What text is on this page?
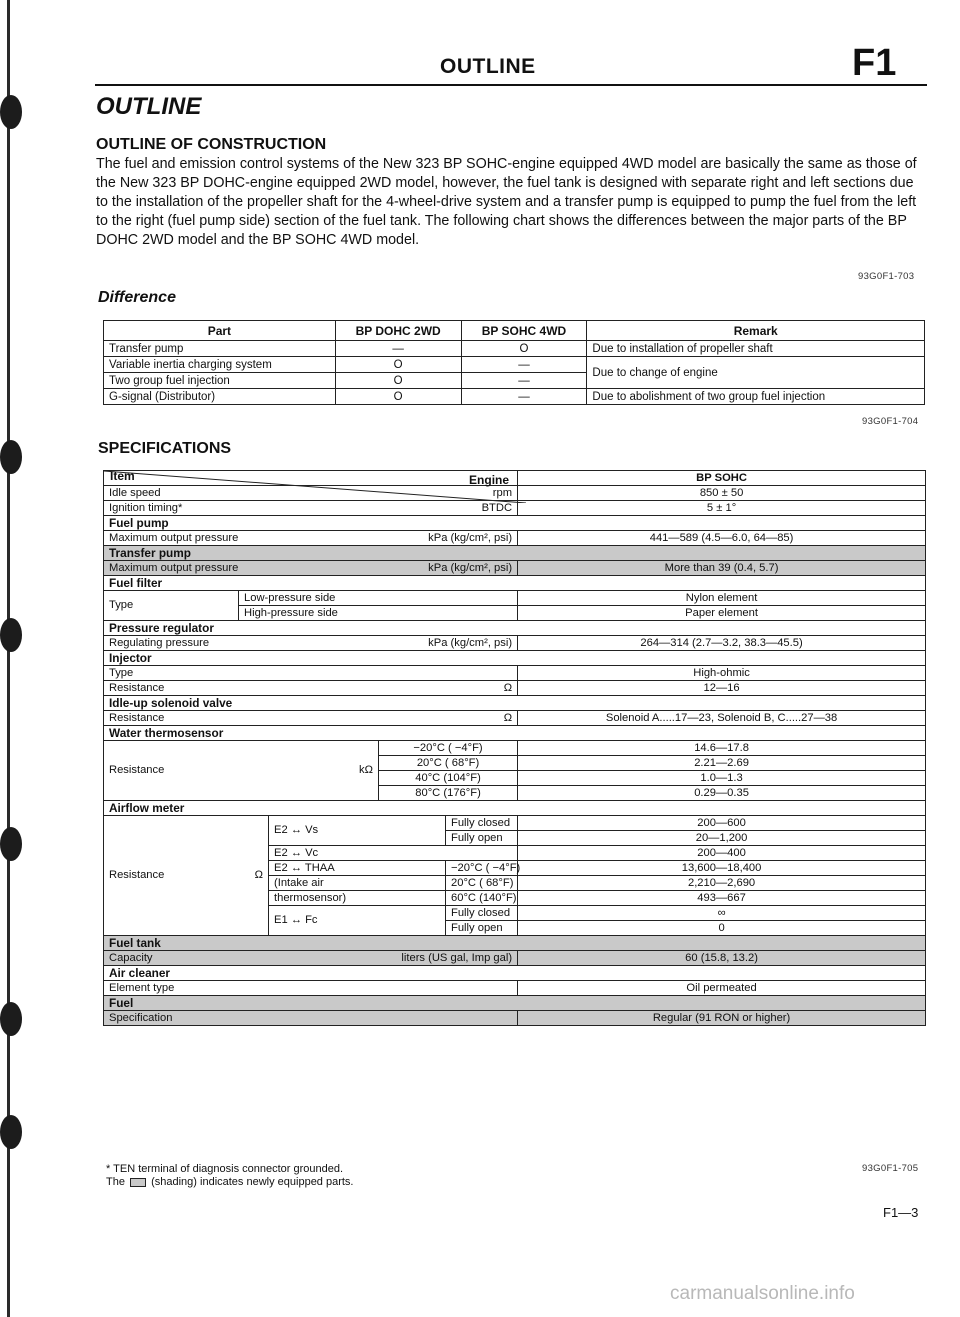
OUTLINE	F1
OUTLINE
OUTLINE OF CONSTRUCTION
The fuel and emission control systems of the New 323 BP SOHC-engine equipped 4WD model are basically the same as those of the New 323 BP DOHC-engine equipped 2WD model, however, the fuel tank is designed with separate right and left sections due to the installation of the propeller shaft for the 4-wheel-drive system and a transfer pump is equipped to pump the fuel from the left to the right (fuel pump side) section of the fuel tank. The following chart shows the differences between the major parts of the BP DOHC 2WD model and the BP SOHC 4WD model.
93G0F1-703
Difference
Part	BP DOHC 2WD	BP SOHC 4WD	Remark
Transfer pump	—	O	Due to installation of propeller shaft
Variable inertia charging system	O	—	Due to change of engine
Two group fuel injection	O	—	
G-signal (Distributor)	O	—	Due to abolishment of two group fuel injection
93G0F1-704
SPECIFICATIONS
Engine
Item					BP SOHC

Idle speed rpm					850 ± 50

Ignition timing* BTDC					5 ± 1°
Fuel pump					

Maximum output pressure kPa (kg/cm², psi)					441—589 (4.5—6.0, 64—85)
Transfer pump					

Maximum output pressure kPa (kg/cm², psi)					More than 39 (0.4, 5.7)
Fuel filter					
Type	Low-pressure side				Nylon element
	High-pressure side				Paper element
Pressure regulator					

Regulating pressure kPa (kg/cm², psi)					264—314 (2.7—3.2, 38.3—45.5)
Injector					
Type					High-ohmic

Resistance Ω					12—16
Idle-up solenoid valve					

Resistance Ω					Solenoid A.....17—23, Solenoid B, C.....27—38
Water thermosensor					

Resistance kΩ			−20°C ( −4°F)		14.6—17.8
			20°C ( 68°F)		2.21—2.69
			40°C (104°F)		1.0—1.3
			80°C (176°F)		0.29—0.35
Airflow meter					

Resistance Ω		E2 ↔ Vs		Fully closed	200—600
				Fully open	20—1,200
		E2 ↔ Vc			200—400
		E2 ↔ THAA		−20°C ( −4°F)	13,600—18,400
		(Intake air		20°C ( 68°F)	2,210—2,690
		thermosensor)		60°C (140°F)	493—667
		E1 ↔ Fc		Fully closed	∞
				Fully open	0
Fuel tank					

Capacity liters (US gal, Imp gal)					60 (15.8, 13.2)
Air cleaner					
Element type					Oil permeated
Fuel					
Specification					Regular (91 RON or higher)
* TEN terminal of diagnosis connector grounded.
The (shading) indicates newly equipped parts.
93G0F1-705
F1—3
carmanualsonline.info
